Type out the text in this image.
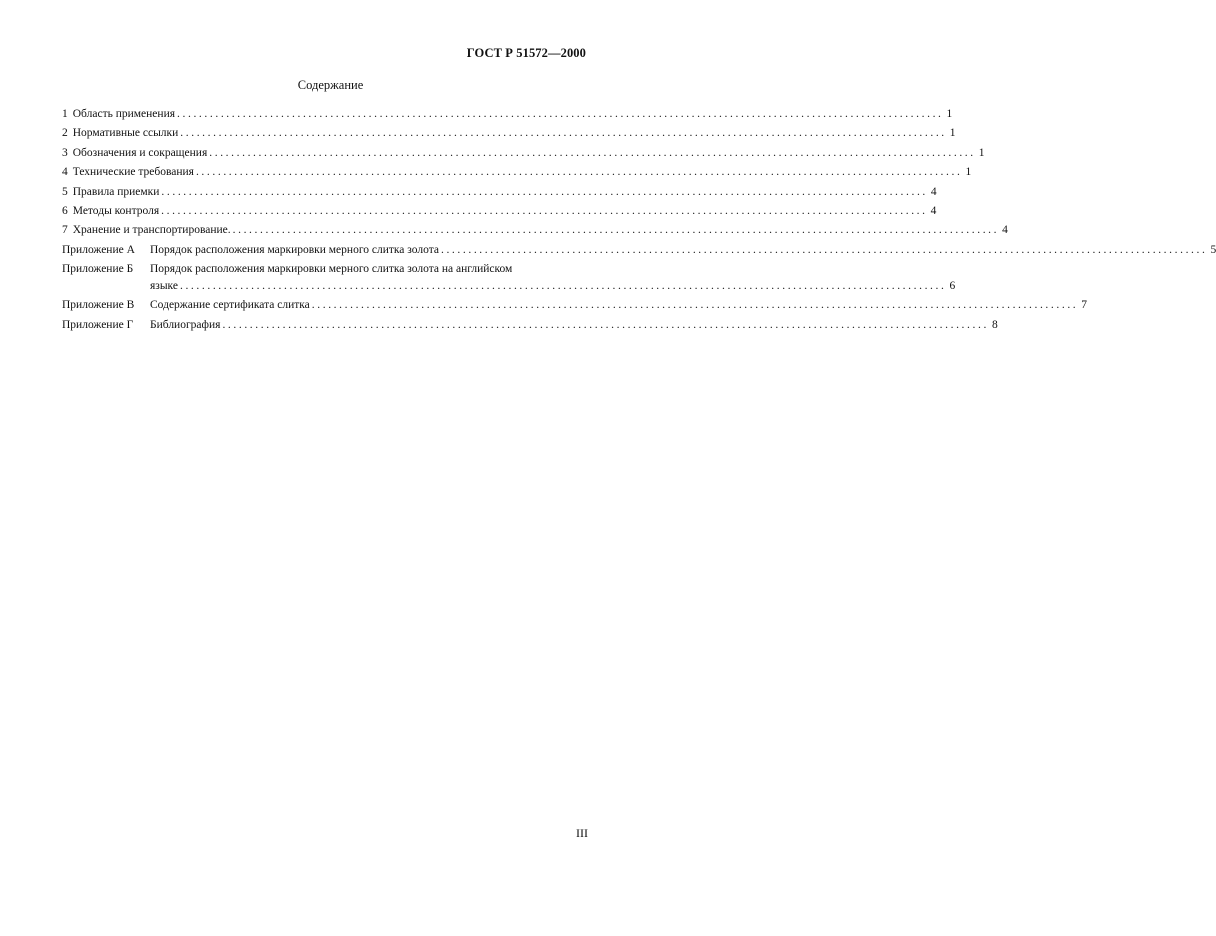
ГОСТ Р 51572—2000
Содержание
1 Область применения ............................................................................................................................................ 1
2 Нормативные ссылки ............................................................................................................................................ 1
3 Обозначения и сокращения ............................................................................................................................................ 1
4 Технические требования ............................................................................................................................................ 1
5 Правила приемки ............................................................................................................................................ 4
6 Методы контроля ............................................................................................................................................ 4
7 Хранение и транспортирование. ............................................................................................................................................ 4
Приложение А	Порядок расположения маркировки мерного слитка золота ............................................................................................................................................ 5
Приложение Б	Порядок расположения маркировки мерного слитка золота на английском
языке ............................................................................................................................................ 6
Приложение В	Содержание сертификата слитка ............................................................................................................................................ 7
Приложение Г	Библиография ............................................................................................................................................ 8
III
